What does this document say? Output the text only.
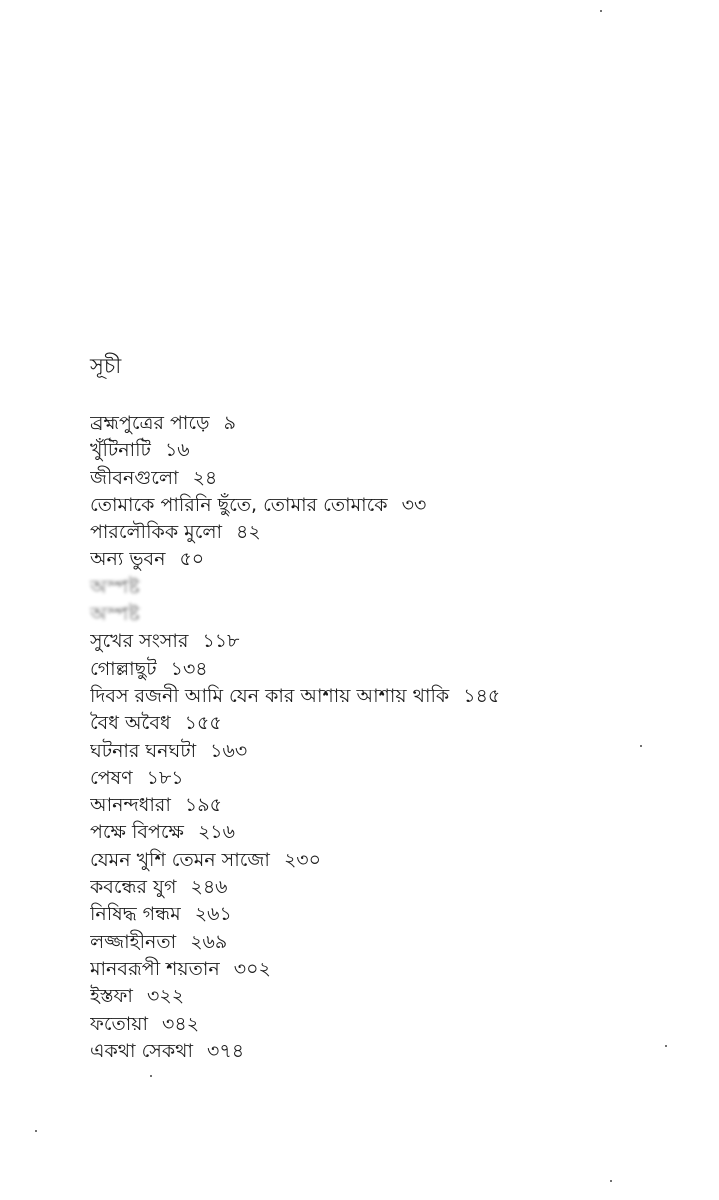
সূচী
ব্রহ্মপুত্রের পাড়ে ৯
খুঁটিনাটি ১৬
জীবনগুলো ২৪
তোমাকে পারিনি ছুঁতে, তোমার তোমাকে ৩৩
পারলৌকিক মুলো ৪২
অন্য ভুবন ৫০
অস্পষ্ট
অস্পষ্ট
সুখের সংসার ১১৮
গোল্লাছুট ১৩৪
দিবস রজনী আমি যেন কার আশায় আশায় থাকি ১৪৫
বৈধ অবৈধ ১৫৫
ঘটনার ঘনঘটা ১৬৩
পেষণ ১৮১
আনন্দধারা ১৯৫
পক্ষে বিপক্ষে ২১৬
যেমন খুশি তেমন সাজো ২৩০
কবন্ধের যুগ ২৪৬
নিষিদ্ধ গন্ধম ২৬১
লজ্জাহীনতা ২৬৯
মানবরূপী শয়তান ৩০২
ইস্তফা ৩২২
ফতোয়া ৩৪২
একথা সেকথা ৩৭৪
